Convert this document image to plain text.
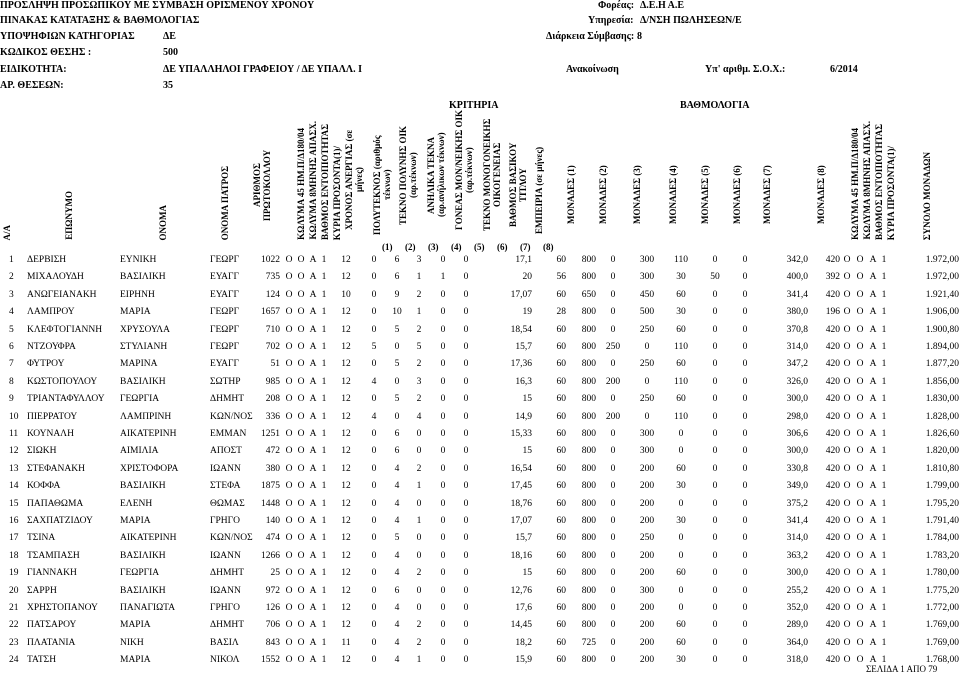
ΠΡΟΣΛΗΨΗ ΠΡΟΣΩΠΙΚΟΥ ΜΕ ΣΥΜΒΑΣΗ ΟΡΙΣΜΕΝΟΥ ΧΡΟΝΟΥ
ΠΙΝΑΚΑΣ ΚΑΤΑΤΑΞΗΣ & ΒΑΘΜΟΛΟΓΙΑΣ
ΥΠΟΨΗΦΙΩΝ ΚΑΤΗΓΟΡΙΑΣ	ΔΕ
ΚΩΔΙΚΟΣ ΘΕΣΗΣ :	500
ΕΙΔΙΚΟΤΗΤΑ:	ΔΕ ΥΠΑΛΛΗΛΟΙ ΓΡΑΦΕΙΟΥ / ΔΕ ΥΠΑΛΛ. Ι
ΑΡ. ΘΕΣΕΩΝ:	35
Φορέας: Δ.Ε.Η Α.Ε
Υπηρεσία: Δ/ΝΣΗ ΠΩΛΗΣΕΩΝ/Ε
Διάρκεια Σύμβασης: 8
Ανακοίνωση	Υπ' αριθμ. Σ.Ο.Χ.:	6/2014
ΚΡΙΤΗΡΙΑ	ΒΑΘΜΟΛΟΓΙΑ
Α/Α	ΕΠΩΝΥΜΟ	ΟΝΟΜΑ	ΟΝΟΜΑ ΠΑΤΡΟΣ ΑΡΙΘΜΟΣ ΠΡΩΤΟΚΟΛΛΟΥ	ΚΩΛΥΜΑ 45 ΗΜ.Π/Δ180/04 ΚΩΛΥΜΑ 8ΜΗΝΗΣ ΑΠΑΣΧ. ΒΑΘΜΟΣ ΕΝΤΟΠΙΟΤΗΤΑΣ ΚΥΡΙΑ ΠΡΟΣΟΝΤΑ(1)/ ΧΡΟΝΟΣ ΑΝΕΡΓΙΑΣ (σε μήνες) ΠΟΛΥΤΕΚΝΟΣ (αριθμός τέκνων) ΤΕΚΝΟ ΠΟΛΥΝΗΣ ΟΙΚ (αρ.τέκνων) ΑΝΗΛΙΚΑ ΤΕΚΝΑ (αρ.ανήλικων τέκνων) ΓΟΝΕΑΣ ΜΟΝ/ΝΕΙΚΗΣ ΟΙΚ (αρ.τέκνων) ΤΕΚΝΟ ΜΟΝΟΓΟΝΕΙΚΗΣ ΟΙΚΟΓΕΝΕΙΑΣ ΒΑΘΜΟΣ ΒΑΣΙΚΟΥ ΤΙΤΛΟΥ ΕΜΠΕΙΡΙΑ (σε μήνες)	ΜΟΝΑΔΕΣ (1)	ΜΟΝΑΔΕΣ (2)	ΜΟΝΑΔΕΣ (3)	ΜΟΝΑΔΕΣ (4)	ΜΟΝΑΔΕΣ (5)	ΜΟΝΑΔΕΣ (6)	ΜΟΝΑΔΕΣ (7)	ΜΟΝΑΔΕΣ (8)	ΚΩΛΥΜΑ 45 ΗΜ.Π/Δ180/04 ΚΩΛΥΜΑ 8ΜΗΝΗΣ ΑΠΑΣΧ. ΒΑΘΜΟΣ ΕΝΤΟΠΙΟΤΗΤΑΣ ΚΥΡΙΑ ΠΡΟΣΟΝΤΑ(1)/	ΣΥΝΟΛΟ ΜΟΝΑΔΩΝ
(1) (2) (3) (4) (5) (6) (7) (8)
1	ΔΕΡΒΙΣΗ	ΕΥΝΙΚΗ	ΓΕΩΡΓ	1022 Ο Ο Α 1	12	0	6	3	0	0	17,1	60	800	0	300	110	0	0	342,0	420 Ο Ο Α 1	1.972,00
2	ΜΙΧΑΛΟΥΔΗ	ΒΑΣΙΛΙΚΗ	ΕΥΑΓΓ	735 Ο Ο Α 1	12	0	6	1	1	0	20	56	800	0	300	30	50	0	400,0	392 Ο Ο Α 1	1.972,00
3	ΑΝΩΓΕΙΑΝΑΚΗ	ΕΙΡΗΝΗ	ΕΥΑΓΓ	124 Ο Ο Α 1	10	0	9	2	0	0	17,07	60	650	0	450	60	0	0	341,4	420 Ο Ο Α 1	1.921,40
4	ΛΑΜΠΡΟΥ	ΜΑΡΙΑ	ΓΕΩΡΓ	1657 Ο Ο Α 1	12	0	10	1	0	0	19	28	800	0	500	30	0	0	380,0	196 Ο Ο Α 1	1.906,00
5	ΚΛΕΦΤΟΓΙΑΝΝΗ	ΧΡΥΣΟΥΛΑ	ΓΕΩΡΓ	710 Ο Ο Α 1	12	0	5	2	0	0	18,54	60	800	0	250	60	0	0	370,8	420 Ο Ο Α 1	1.900,80
6	ΝΤΖΟΥΦΡΑ	ΣΤΥΛΙΑΝΗ	ΓΕΩΡΓ	702 Ο Ο Α 1	12	5	0	5	0	0	15,7	60	800	250	0	110	0	0	314,0	420 Ο Ο Α 1	1.894,00
7	ΦΥΤΡΟΥ	ΜΑΡΙΝΑ	ΕΥΑΓΓ	51 Ο Ο Α 1	12	0	5	2	0	0	17,36	60	800	0	250	60	0	0	347,2	420 Ο Ο Α 1	1.877,20
8	ΚΩΣΤΟΠΟΥΛΟΥ	ΒΑΣΙΛΙΚΗ	ΣΩΤΗΡ	985 Ο Ο Α 1	12	4	0	3	0	0	16,3	60	800	200	0	110	0	0	326,0	420 Ο Ο Α 1	1.856,00
9	ΤΡΙΑΝΤΑΦΥΛΛΟΥ	ΓΕΩΡΓΙΑ	ΔΗΜΗΤ	208 Ο Ο Α 1	12	0	5	2	0	0	15	60	800	0	250	60	0	0	300,0	420 Ο Ο Α 1	1.830,00
10 ΠΙΕΡΡΑΤΟΥ	ΛΑΜΠΡΙΝΗ	ΚΩΝ/ΝΟΣ	336 Ο Ο Α 1	12	4	0	4	0	0	14,9	60	800	200	0	110	0	0	298,0	420 Ο Ο Α 1	1.828,00
11 ΚΟΥΝΑΛΗ	ΑΙΚΑΤΕΡΙΝΗ	ΕΜΜΑΝ	1251 Ο Ο Α 1	12	0	6	0	0	0	15,33	60	800	0	300	0	0	0	306,6	420 Ο Ο Α 1	1.826,60
12 ΣΙΩΚΗ	ΑΙΜΙΛΙΑ	ΑΠΟΣΤ	472 Ο Ο Α 1	12	0	6	0	0	0	15	60	800	0	300	0	0	0	300,0	420 Ο Ο Α 1	1.820,00
13 ΣΤΕΦΑΝΑΚΗ	ΧΡΙΣΤΟΦΟΡΑ	ΙΩΑΝΝ	380 Ο Ο Α 1	12	0	4	2	0	0	16,54	60	800	0	200	60	0	0	330,8	420 Ο Ο Α 1	1.810,80
14 ΚΟΦΦΑ	ΒΑΣΙΛΙΚΗ	ΣΤΕΦΑ	1875 Ο Ο Α 1	12	0	4	1	0	0	17,45	60	800	0	200	30	0	0	349,0	420 Ο Ο Α 1	1.799,00
15 ΠΑΠΑΘΩΜΑ	ΕΛΕΝΗ	ΘΩΜΑΣ	1448 Ο Ο Α 1	12	0	4	0	0	0	18,76	60	800	0	200	0	0	0	375,2	420 Ο Ο Α 1	1.795,20
16 ΣΑΧΠΑΤΖΙΔΟΥ	ΜΑΡΙΑ	ΓΡΗΓΟ	140 Ο Ο Α 1	12	0	4	1	0	0	17,07	60	800	0	200	30	0	0	341,4	420 Ο Ο Α 1	1.791,40
17 ΤΣΙΝΑ	ΑΙΚΑΤΕΡΙΝΗ	ΚΩΝ/ΝΟΣ	474 Ο Ο Α 1	12	0	5	0	0	0	15,7	60	800	0	250	0	0	0	314,0	420 Ο Ο Α 1	1.784,00
18 ΤΣΑΜΠΑΣΗ	ΒΑΣΙΛΙΚΗ	ΙΩΑΝΝ	1266 Ο Ο Α 1	12	0	4	0	0	0	18,16	60	800	0	200	0	0	0	363,2	420 Ο Ο Α 1	1.783,20
19 ΓΙΑΝΝΑΚΗ	ΓΕΩΡΓΙΑ	ΔΗΜΗΤ	25 Ο Ο Α 1	12	0	4	2	0	0	15	60	800	0	200	60	0	0	300,0	420 Ο Ο Α 1	1.780,00
20 ΣΑΡΡΗ	ΒΑΣΙΛΙΚΗ	ΙΩΑΝΝ	972 Ο Ο Α 1	12	0	6	0	0	0	12,76	60	800	0	300	0	0	0	255,2	420 Ο Ο Α 1	1.775,20
21 ΧΡΗΣΤΟΠΑΝΟΥ	ΠΑΝΑΓΙΩΤΑ	ΓΡΗΓΟ	126 Ο Ο Α 1	12	0	4	0	0	0	17,6	60	800	0	200	0	0	0	352,0	420 Ο Ο Α 1	1.772,00
22 ΠΑΤΣΑΡΟΥ	ΜΑΡΙΑ	ΔΗΜΗΤ	706 Ο Ο Α 1	12	0	4	2	0	0	14,45	60	800	0	200	60	0	0	289,0	420 Ο Ο Α 1	1.769,00
23 ΠΛΑΤΑΝΙΑ	ΝΙΚΗ	ΒΑΣΙΛ	843 Ο Ο Α 1	11	0	4	2	0	0	18,2	60	725	0	200	60	0	0	364,0	420 Ο Ο Α 1	1.769,00
24 ΤΑΤΣΗ	ΜΑΡΙΑ	ΝΙΚΟΛ	1552 Ο Ο Α 1	12	0	4	1	0	0	15,9	60	800	0	200	30	0	0	318,0	420 Ο Ο Α 1	1.768,00
ΣΕΛΙΔΑ 1 ΑΠΟ 79
